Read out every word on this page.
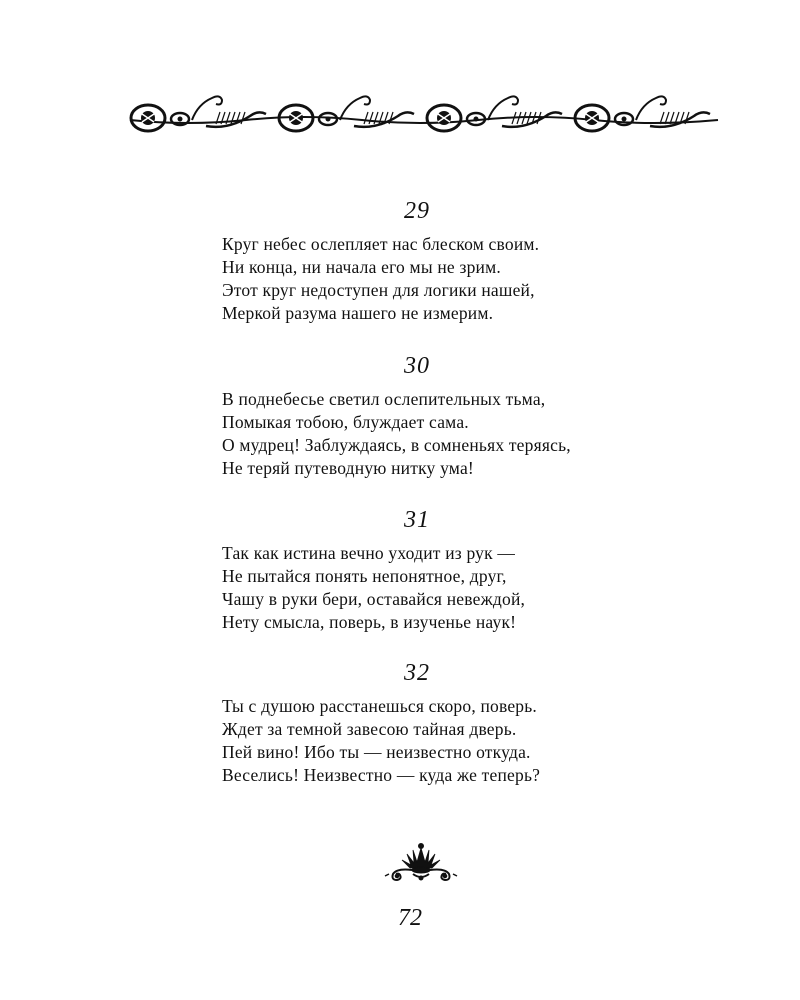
29
Круг небес ослепляет нас блеском своим.
Ни конца, ни начала его мы не зрим.
Этот круг недоступен для логики нашей,
Меркой разума нашего не измерим.
30
В поднебесье светил ослепительных тьма,
Помыкая тобою, блуждает сама.
О мудрец! Заблуждаясь, в сомненьях теряясь,
Не теряй путеводную нитку ума!
31
Так как истина вечно уходит из рук —
Не пытайся понять непонятное, друг,
Чашу в руки бери, оставайся невеждой,
Нету смысла, поверь, в изученье наук!
32
Ты с душою расстанешься скоро, поверь.
Ждет за темной завесою тайная дверь.
Пей вино! Ибо ты — неизвестно откуда.
Веселись! Неизвестно — куда же теперь?
72
